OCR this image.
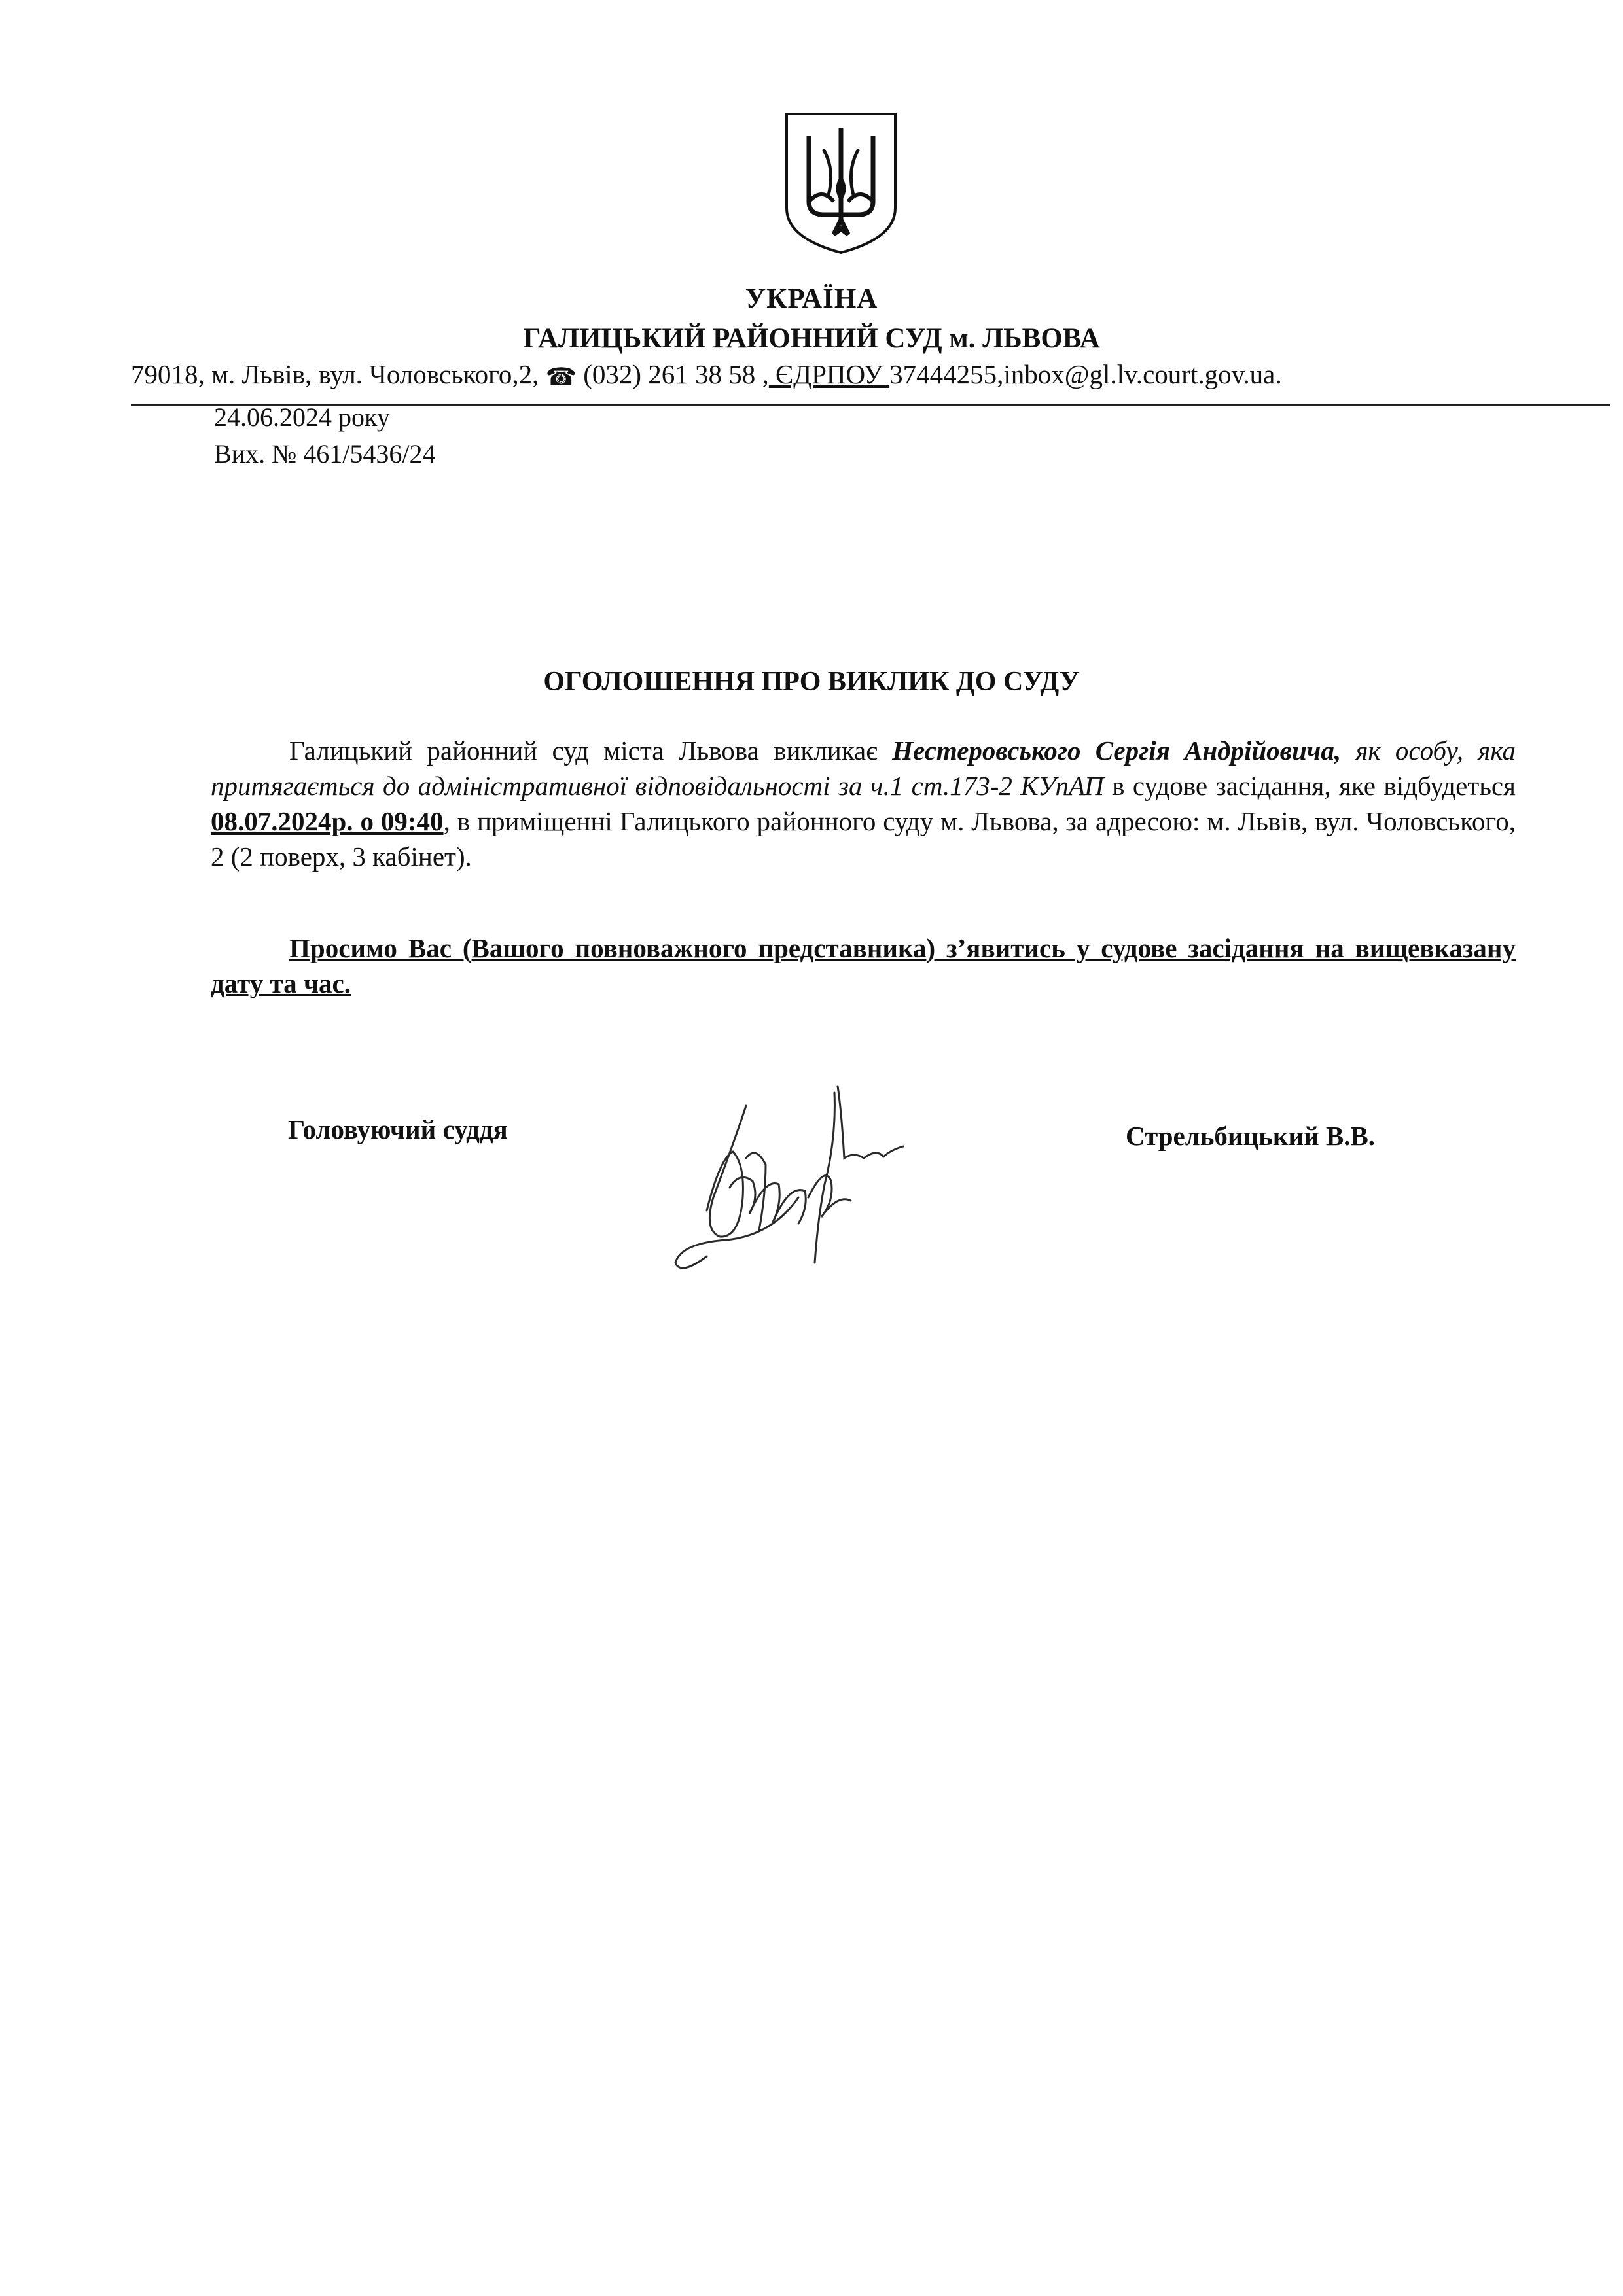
УКРАЇНА
ГАЛИЦЬКИЙ РАЙОННИЙ СУД м. ЛЬВОВА
79018, м. Львів, вул. Чоловського,2, ☎ (032) 261 38 58 , ЄДРПОУ 37444255,inbox@gl.lv.court.gov.ua.
24.06.2024 року
Вих. № 461/5436/24
ОГОЛОШЕННЯ ПРО ВИКЛИК ДО СУДУ
Галицький районний суд міста Львова викликає Нестеровського Сергія Андрійовича, як особу, яка притягається до адміністративної відповідальності за ч.1 ст.173-2 КУпАП в судове засідання, яке відбудеться 08.07.2024р. о 09:40, в приміщенні Галицького районного суду м. Львова, за адресою: м. Львів, вул. Чоловського, 2 (2 поверх, 3 кабінет).
Просимо Вас (Вашого повноважного представника) з’явитись у судове засідання на вищевказану дату та час.
Головуючий суддя	Стрельбицький В.В.
